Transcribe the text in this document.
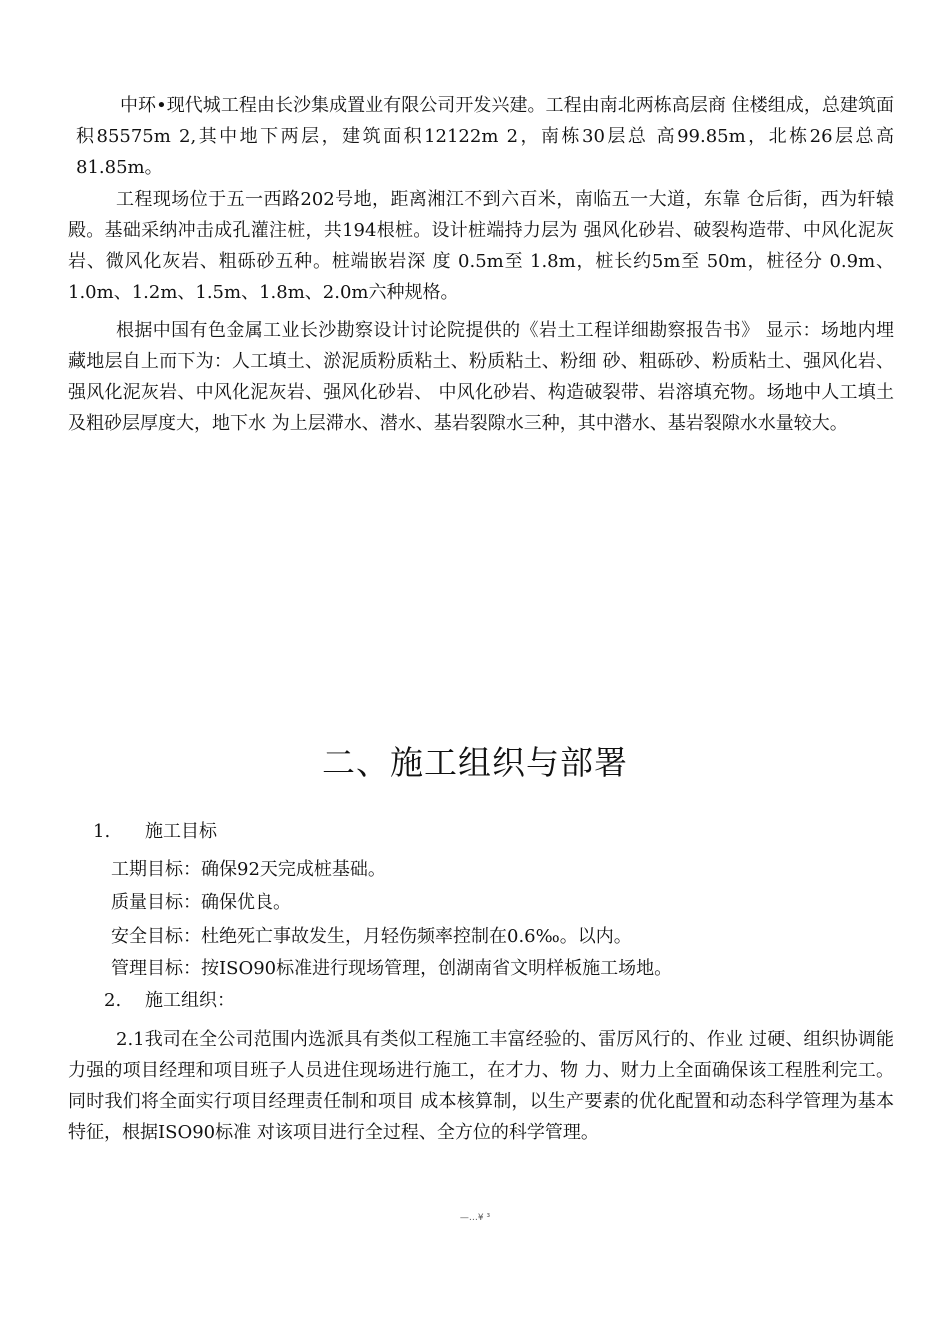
中环•现代城工程由长沙集成置业有限公司开发兴建。工程由南北两栋高层商 住楼组成，总建筑面积85575m 2,其中地下两层，建筑面积12122m 2，南栋30层总 高99.85m，北栋26层总高81.85m。

工程现场位于五一西路202号地，距离湘江不到六百米，南临五一大道，东靠 仓后街，西为轩辕殿。基础采纳冲击成孔灌注桩，共194根桩。设计桩端持力层为 强风化砂岩、破裂构造带、中风化泥灰岩、微风化灰岩、粗砾砂五种。桩端嵌岩深 度 0.5m至 1.8m，桩长约5m至 50m，桩径分 0.9m、1.0m、1.2m、1.5m、1.8m、2.0m六种规格。

根据中国有色金属工业长沙勘察设计讨论院提供的《岩土工程详细勘察报告书》 显示：场地内埋藏地层自上而下为：人工填土、淤泥质粉质粘土、粉质粘土、粉细 砂、粗砾砂、粉质粘土、强风化岩、强风化泥灰岩、中风化泥灰岩、强风化砂岩、 中风化砂岩、构造破裂带、岩溶填充物。场地中人工填土及粗砂层厚度大，地下水 为上层滞水、潜水、基岩裂隙水三种，其中潜水、基岩裂隙水水量较大。

二、施工组织与部署
1. 施工目标
工期目标：确保92天完成桩基础。
质量目标：确保优良。
安全目标：杜绝死亡事故发生，月轻伤频率控制在0.6‰。以内。
管理目标：按ISO90标准进行现场管理，创湖南省文明样板施工场地。
2. 施工组织：

2.1我司在全公司范围内选派具有类似工程施工丰富经验的、雷厉风行的、作业 过硬、组织协调能力强的项目经理和项目班子人员进住现场进行施工，在才力、物 力、财力上全面确保该工程胜利完工。同时我们将全面实行项目经理责任制和项目 成本核算制，以生产要素的优化配置和动态科学管理为基本特征，根据ISO90标准 对该项目进行全过程、全方位的科学管理。

—…¥ ³
